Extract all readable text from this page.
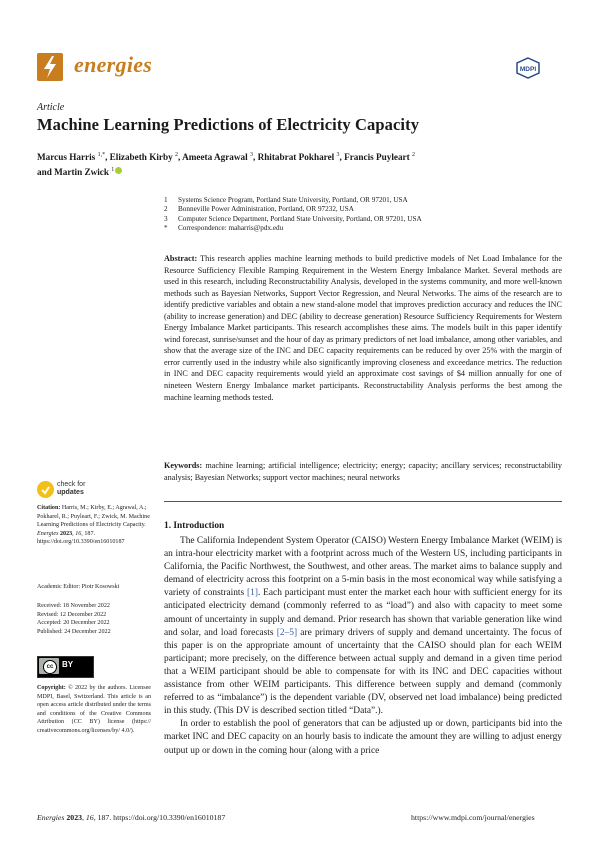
energies	MDPI
Article
Machine Learning Predictions of Electricity Capacity
Marcus Harris $^{1,*}$, Elizabeth Kirby $^2$, Ameeta Agrawal $^3$, Rhitabrat Pokharel $^3$, Francis Puyleart $^2$
and Martin Zwick $^1$
1	Systems Science Program, Portland State University, Portland, OR 97201, USA
2	Bonneville Power Administration, Portland, OR 97232, USA
3	Computer Science Department, Portland State University, Portland, OR 97201, USA
*	Correspondence: maharris@pdx.edu
Abstract: This research applies machine learning methods to build predictive models of Net Load Imbalance for the Resource Sufficiency Flexible Ramping Requirement in the Western Energy Imbalance Market. Several methods are used in this research, including Reconstructability Analysis, developed in the systems community, and more well-known methods such as Bayesian Networks, Support Vector Regression, and Neural Networks. The aims of the research are to identify predictive variables and obtain a new stand-alone model that improves prediction accuracy and reduces the INC (ability to increase generation) and DEC (ability to decrease generation) Resource Sufficiency Requirements for Western Energy Imbalance Market participants. This research accomplishes these aims. The models built in this paper identify wind forecast, sunrise/sunset and the hour of day as primary predictors of net load imbalance, among other variables, and show that the average size of the INC and DEC capacity requirements can be reduced by over 25% with the margin of error currently used in the industry while also significantly improving closeness and exceedance metrics. The reduction in INC and DEC capacity requirements would yield an approximate cost savings of $4 million annually for one of nineteen Western Energy Imbalance market participants. Reconstructability Analysis performs the best among the machine learning methods tested.
Keywords: machine learning; artificial intelligence; electricity; energy; capacity; ancillary services; reconstructability analysis; Bayesian Networks; support vector machines; neural networks
check for
updates
Citation: Harris, M.; Kirby, E.; Agrawal, A.; Pokharel, R.; Puyleart, F.; Zwick, M. Machine Learning Predictions of Electricity Capacity. Energies 2023, 16, 187. https://doi.org/10.3390/en16010187
Academic Editor: Piotr Kosowski
Received: 18 November 2022
Revised: 12 December 2022
Accepted: 20 December 2022
Published: 24 December 2022
cc	BY
Copyright: © 2022 by the authors. Licensee MDPI, Basel, Switzerland. This article is an open access article distributed under the terms and conditions of the Creative Commons Attribution (CC BY) license (https:// creativecommons.org/licenses/by/ 4.0/).
1. Introduction

The California Independent System Operator (CAISO) Western Energy Imbalance Market (WEIM) is an intra-hour electricity market with a footprint across much of the Western US, including participants in California, the Pacific Northwest, the Southwest, and other areas. The market aims to balance supply and demand of electricity across this footprint on a 5-min basis in the most economical way while satisfying a variety of constraints [1]. Each participant must enter the market each hour with sufficient energy for its anticipated electricity demand (commonly referred to as “load”) and also with capacity to meet some amount of uncertainty in supply and demand. Prior research has shown that variable generation like wind and solar, and load forecasts [2–5] are primary drivers of supply and demand uncertainty. The focus of this paper is on the appropriate amount of uncertainty that the CAISO should plan for each WEIM participant; more precisely, on the difference between actual supply and demand in a given time period that a WEIM participant should be able to compensate for with its INC and DEC capacities without assistance from other WEIM participants. This difference between supply and demand (commonly referred to as “imbalance”) is the dependent variable (DV, observed net load imbalance) being predicted in this study. (This DV is described section titled “Data”.).

In order to establish the pool of generators that can be adjusted up or down, participants bid into the market INC and DEC capacity on an hourly basis to indicate the amount they are willing to adjust energy output up or down in the coming hour (along with a price

Energies 2023, 16, 187. https://doi.org/10.3390/en16010187	https://www.mdpi.com/journal/energies
